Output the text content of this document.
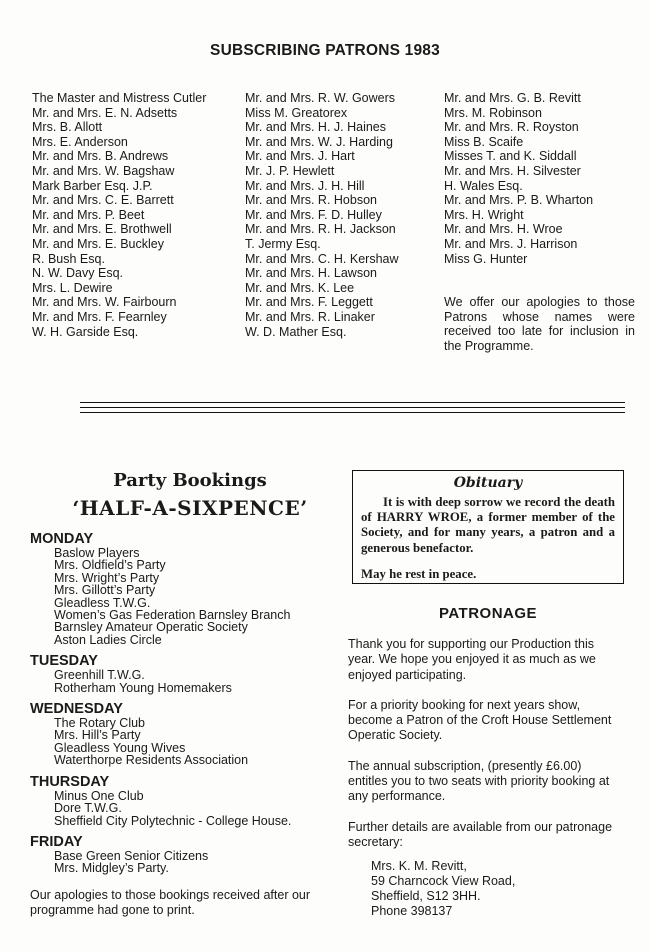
SUBSCRIBING PATRONS 1983
The Master and Mistress Cutler
Mr. and Mrs. E. N. Adsetts
Mrs. B. Allott
Mrs. E. Anderson
Mr. and Mrs. B. Andrews
Mr. and Mrs. W. Bagshaw
Mark Barber Esq. J.P.
Mr. and Mrs. C. E. Barrett
Mr. and Mrs. P. Beet
Mr. and Mrs. E. Brothwell
Mr. and Mrs. E. Buckley
R. Bush Esq.
N. W. Davy Esq.
Mrs. L. Dewire
Mr. and Mrs. W. Fairbourn
Mr. and Mrs. F. Fearnley
W. H. Garside Esq.
Mr. and Mrs. R. W. Gowers
Miss M. Greatorex
Mr. and Mrs. H. J. Haines
Mr. and Mrs. W. J. Harding
Mr. and Mrs. J. Hart
Mr. J. P. Hewlett
Mr. and Mrs. J. H. Hill
Mr. and Mrs. R. Hobson
Mr. and Mrs. F. D. Hulley
Mr. and Mrs. R. H. Jackson
T. Jermy Esq.
Mr. and Mrs. C. H. Kershaw
Mr. and Mrs. H. Lawson
Mr. and Mrs. K. Lee
Mr. and Mrs. F. Leggett
Mr. and Mrs. R. Linaker
W. D. Mather Esq.
Mr. and Mrs. G. B. Revitt
Mrs. M. Robinson
Mr. and Mrs. R. Royston
Miss B. Scaife
Misses T. and K. Siddall
Mr. and Mrs. H. Silvester
H. Wales Esq.
Mr. and Mrs. P. B. Wharton
Mrs. H. Wright
Mr. and Mrs. H. Wroe
Mr. and Mrs. J. Harrison
Miss G. Hunter
We offer our apologies to those Patrons whose names were received too late for inclusion in the Programme.
Party Bookings
‘HALF-A-SIXPENCE’
MONDAY
Baslow Players
Mrs. Oldfield’s Party
Mrs. Wright’s Party
Mrs. Gillott’s Party
Gleadless T.W.G.
Women’s Gas Federation Barnsley Branch
Barnsley Amateur Operatic Society
Aston Ladies Circle
TUESDAY
Greenhill T.W.G.
Rotherham Young Homemakers
WEDNESDAY
The Rotary Club
Mrs. Hill’s Party
Gleadless Young Wives
Waterthorpe Residents Association
THURSDAY
Minus One Club
Dore T.W.G.
Sheffield City Polytechnic - College House.
FRIDAY
Base Green Senior Citizens
Mrs. Midgley’s Party.
Our apologies to those bookings received after our programme had gone to print.
Obituary
It is with deep sorrow we record the death of HARRY WROE, a former member of the Society, and for many years, a patron and a generous benefactor.
May he rest in peace.
PATRONAGE

Thank you for supporting our Production this year. We hope you enjoyed it as much as we enjoyed participating.

For a priority booking for next years show, become a Patron of the Croft House Settlement Operatic Society.

The annual subscription, (presently £6.00) entitles you to two seats with priority booking at any performance.

Further details are available from our patronage secretary:

Mrs. K. M. Revitt,
59 Charncock View Road,
Sheffield, S12 3HH.
Phone 398137
